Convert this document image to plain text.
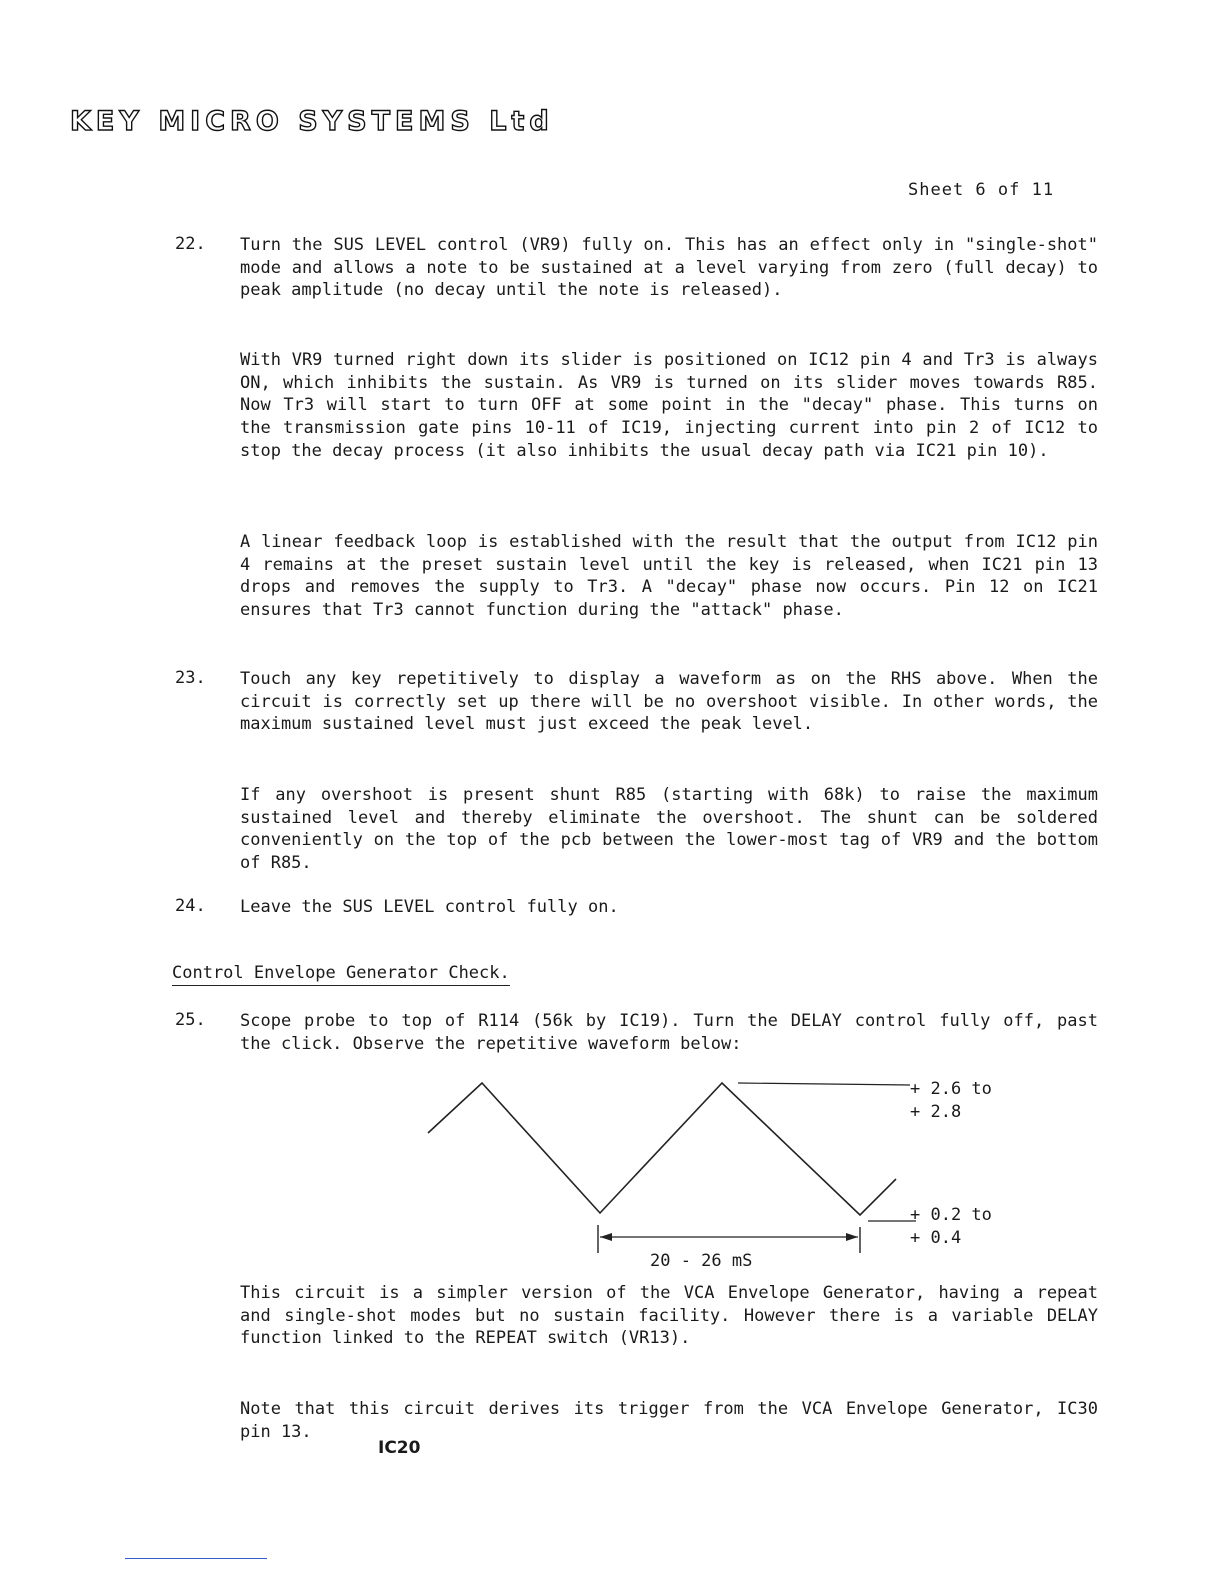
KEY MICRO SYSTEMS Ltd
Sheet 6 of 11
22. Turn the SUS LEVEL control (VR9) fully on. This has an effect only in "single-shot" mode and allows a note to be sustained at a level varying from zero (full decay) to peak amplitude (no decay until the note is released).
With VR9 turned right down its slider is positioned on IC12 pin 4 and Tr3 is always ON, which inhibits the sustain. As VR9 is turned on its slider moves towards R85. Now Tr3 will start to turn OFF at some point in the "decay" phase. This turns on the transmission gate pins 10-11 of IC19, injecting current into pin 2 of IC12 to stop the decay process (it also inhibits the usual decay path via IC21 pin 10).
A linear feedback loop is established with the result that the output from IC12 pin 4 remains at the preset sustain level until the key is released, when IC21 pin 13 drops and removes the supply to Tr3. A "decay" phase now occurs. Pin 12 on IC21 ensures that Tr3 cannot function during the "attack" phase.
23. Touch any key repetitively to display a waveform as on the RHS above. When the circuit is correctly set up there will be no overshoot visible. In other words, the maximum sustained level must just exceed the peak level.
If any overshoot is present shunt R85 (starting with 68k) to raise the maximum sustained level and thereby eliminate the overshoot. The shunt can be soldered conveniently on the top of the pcb between the lower-most tag of VR9 and the bottom of R85.
24. Leave the SUS LEVEL control fully on.
Control Envelope Generator Check.
25. Scope probe to top of R114 (56k by IC19). Turn the DELAY control fully off, past the click. Observe the repetitive waveform below:
+ 2.6 to
+ 2.8
+ 0.2 to
+ 0.4
20 - 26 mS
This circuit is a simpler version of the VCA Envelope Generator, having a repeat and single-shot modes but no sustain facility. However there is a variable DELAY function linked to the REPEAT switch (VR13).
Note that this circuit derives its trigger from the VCA Envelope Generator, IC30 pin 13.
IC20
